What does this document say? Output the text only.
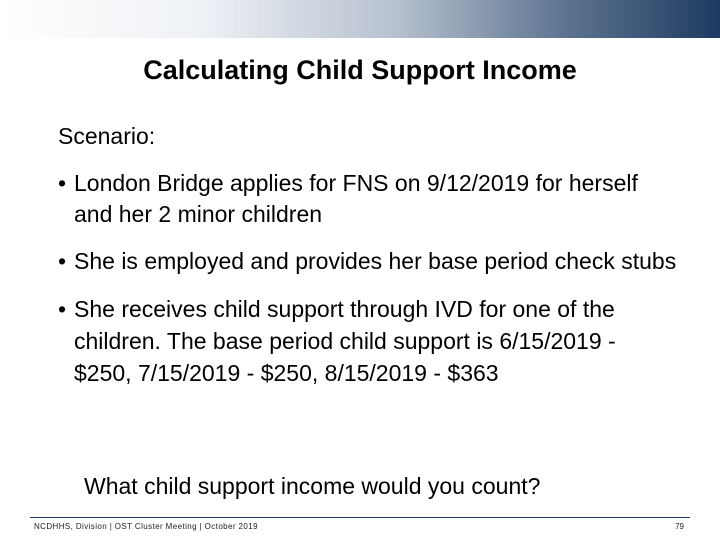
Calculating Child Support Income

Scenario:

• London Bridge applies for FNS on 9/12/2019 for herself and her 2 minor children
• She is employed and provides her base period check stubs
• She receives child support through IVD for one of the children. The base period child support is 6/15/2019 - $250, 7/15/2019 - $250, 8/15/2019 - $363

What child support income would you count?

NCDHHS, Division | OST Cluster Meeting | October 2019	79
